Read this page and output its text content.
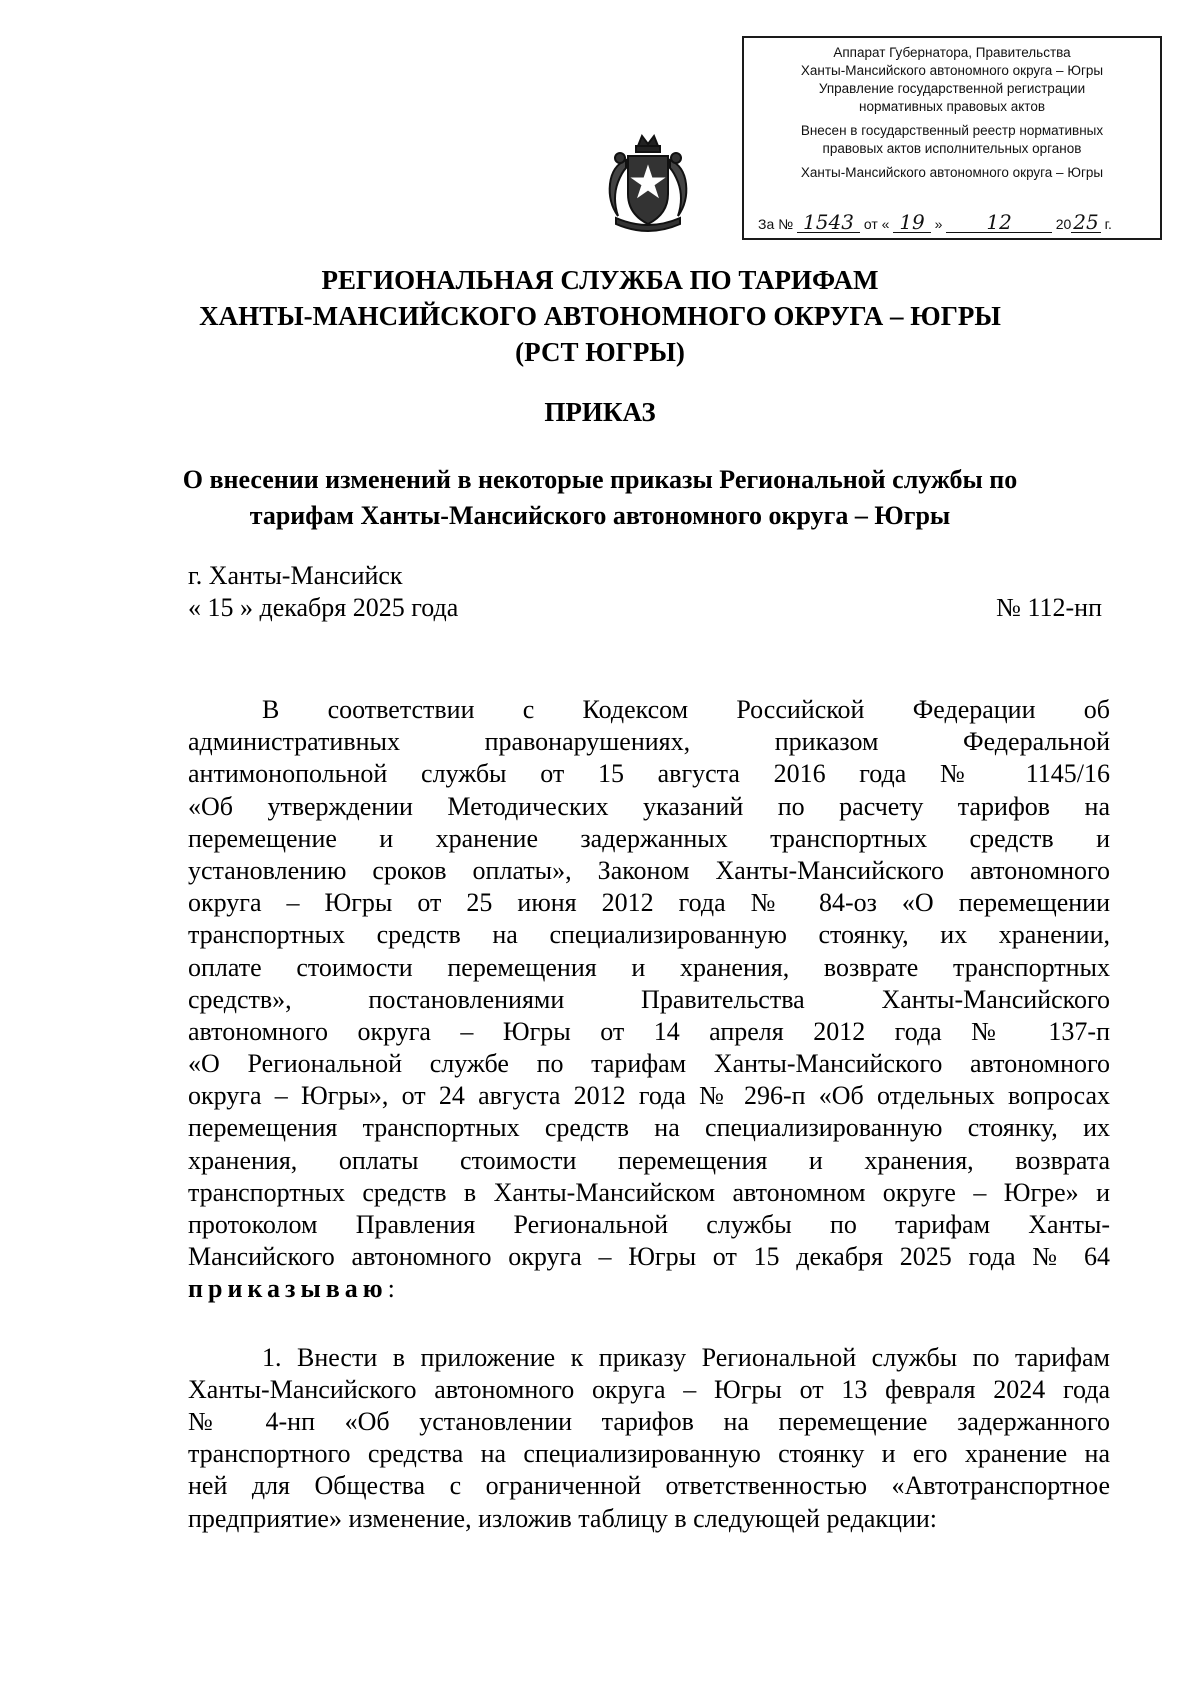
Аппарат Губернатора, Правительства
Ханты-Мансийского автономного округа – Югры
Управление государственной регистрации
нормативных правовых актов
Внесен в государственный реестр нормативных
правовых актов исполнительных органов
Ханты-Мансийского автономного округа – Югры
За № 1543 от « 19 » 12	20 25 г.
РЕГИОНАЛЬНАЯ СЛУЖБА ПО ТАРИФАМ
ХАНТЫ-МАНСИЙСКОГО АВТОНОМНОГО ОКРУГА – ЮГРЫ
(РСТ ЮГРЫ)
ПРИКАЗ
О внесении изменений в некоторые приказы Региональной службы по
тарифам Ханты-Мансийского автономного округа – Югры
г. Ханты-Мансийск
« 15 » декабря 2025 года	№ 112-нп
В соответствии с Кодексом Российской Федерации об
административных правонарушениях, приказом Федеральной
антимонопольной службы от 15 августа 2016 года № 1145/16
«Об утверждении Методических указаний по расчету тарифов на
перемещение и хранение задержанных транспортных средств и
установлению сроков оплаты», Законом Ханты-Мансийского автономного
округа – Югры от 25 июня 2012 года № 84-оз «О перемещении
транспортных средств на специализированную стоянку, их хранении,
оплате стоимости перемещения и хранения, возврате транспортных
средств», постановлениями Правительства Ханты-Мансийского
автономного округа – Югры от 14 апреля 2012 года № 137-п
«О Региональной службе по тарифам Ханты-Мансийского автономного
округа – Югры», от 24 августа 2012 года № 296-п «Об отдельных вопросах
перемещения транспортных средств на специализированную стоянку, их
хранения, оплаты стоимости перемещения и хранения, возврата
транспортных средств в Ханты-Мансийском автономном округе – Югре» и
протоколом Правления Региональной службы по тарифам Ханты-
Мансийского автономного округа – Югры от 15 декабря 2025 года № 64
приказываю:
1. Внести в приложение к приказу Региональной службы по тарифам
Ханты-Мансийского автономного округа – Югры от 13 февраля 2024 года
№ 4-нп «Об установлении тарифов на перемещение задержанного
транспортного средства на специализированную стоянку и его хранение на
ней для Общества с ограниченной ответственностью «Автотранспортное
предприятие» изменение, изложив таблицу в следующей редакции:
